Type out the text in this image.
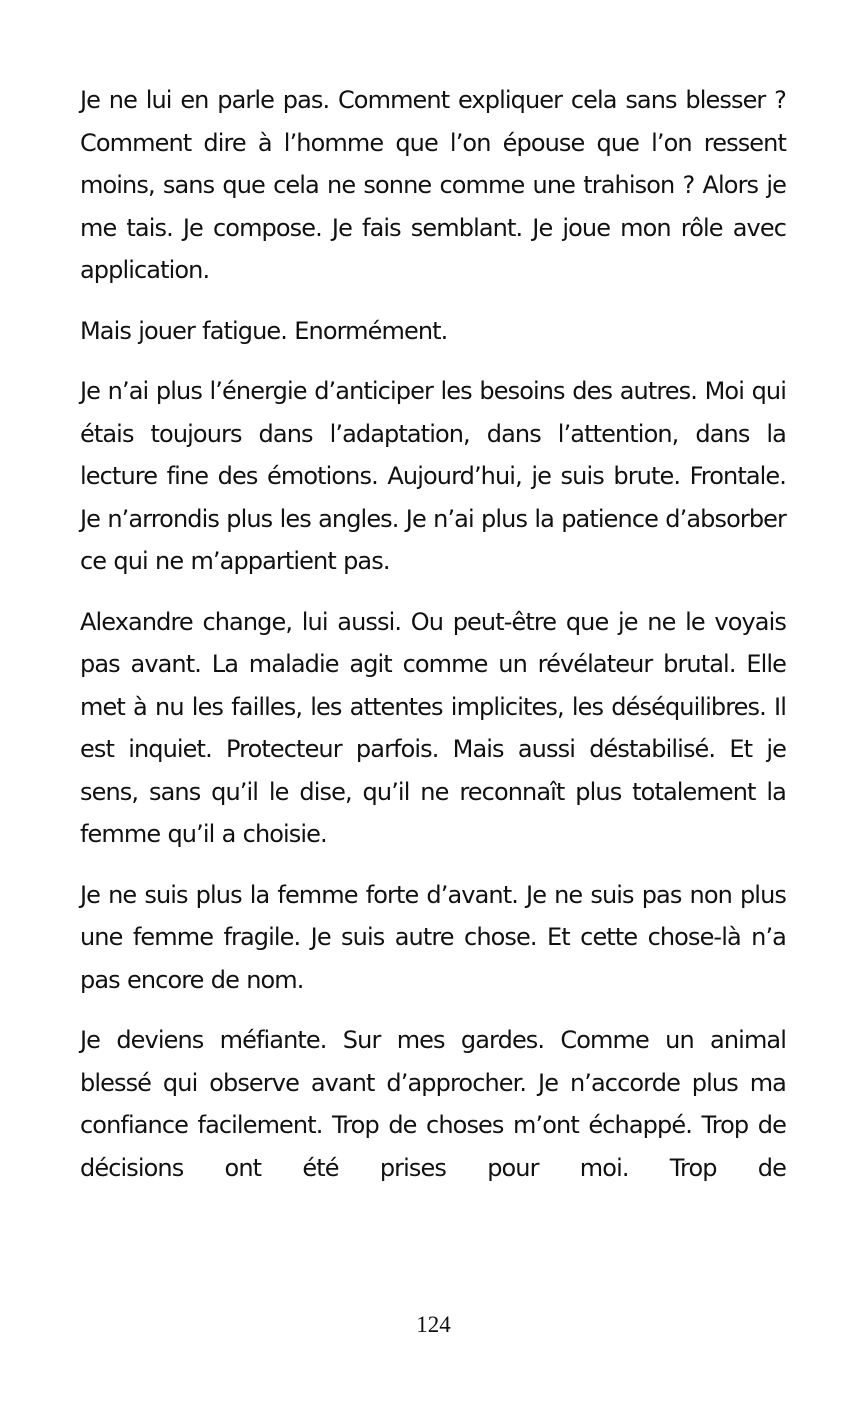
Je ne lui en parle pas. Comment expliquer cela sans blesser ? Comment dire à l’homme que l’on épouse que l’on ressent moins, sans que cela ne sonne comme une trahison ? Alors je me tais. Je compose. Je fais semblant. Je joue mon rôle avec application.

Mais jouer fatigue. Enormément.

Je n’ai plus l’énergie d’anticiper les besoins des autres. Moi qui étais toujours dans l’adaptation, dans l’attention, dans la lecture fine des émotions. Aujourd’hui, je suis brute. Frontale. Je n’arrondis plus les angles. Je n’ai plus la patience d’absorber ce qui ne m’appartient pas.

Alexandre change, lui aussi. Ou peut-être que je ne le voyais pas avant. La maladie agit comme un révélateur brutal. Elle met à nu les failles, les attentes implicites, les déséquilibres. Il est inquiet. Protecteur parfois. Mais aussi déstabilisé. Et je sens, sans qu’il le dise, qu’il ne reconnaît plus totalement la femme qu’il a choisie.

Je ne suis plus la femme forte d’avant. Je ne suis pas non plus une femme fragile. Je suis autre chose. Et cette chose-là n’a pas encore de nom.

Je deviens méfiante. Sur mes gardes. Comme un animal blessé qui observe avant d’approcher. Je n’accorde plus ma confiance facilement. Trop de choses m’ont échappé. Trop de décisions ont été prises pour moi. Trop de

124
